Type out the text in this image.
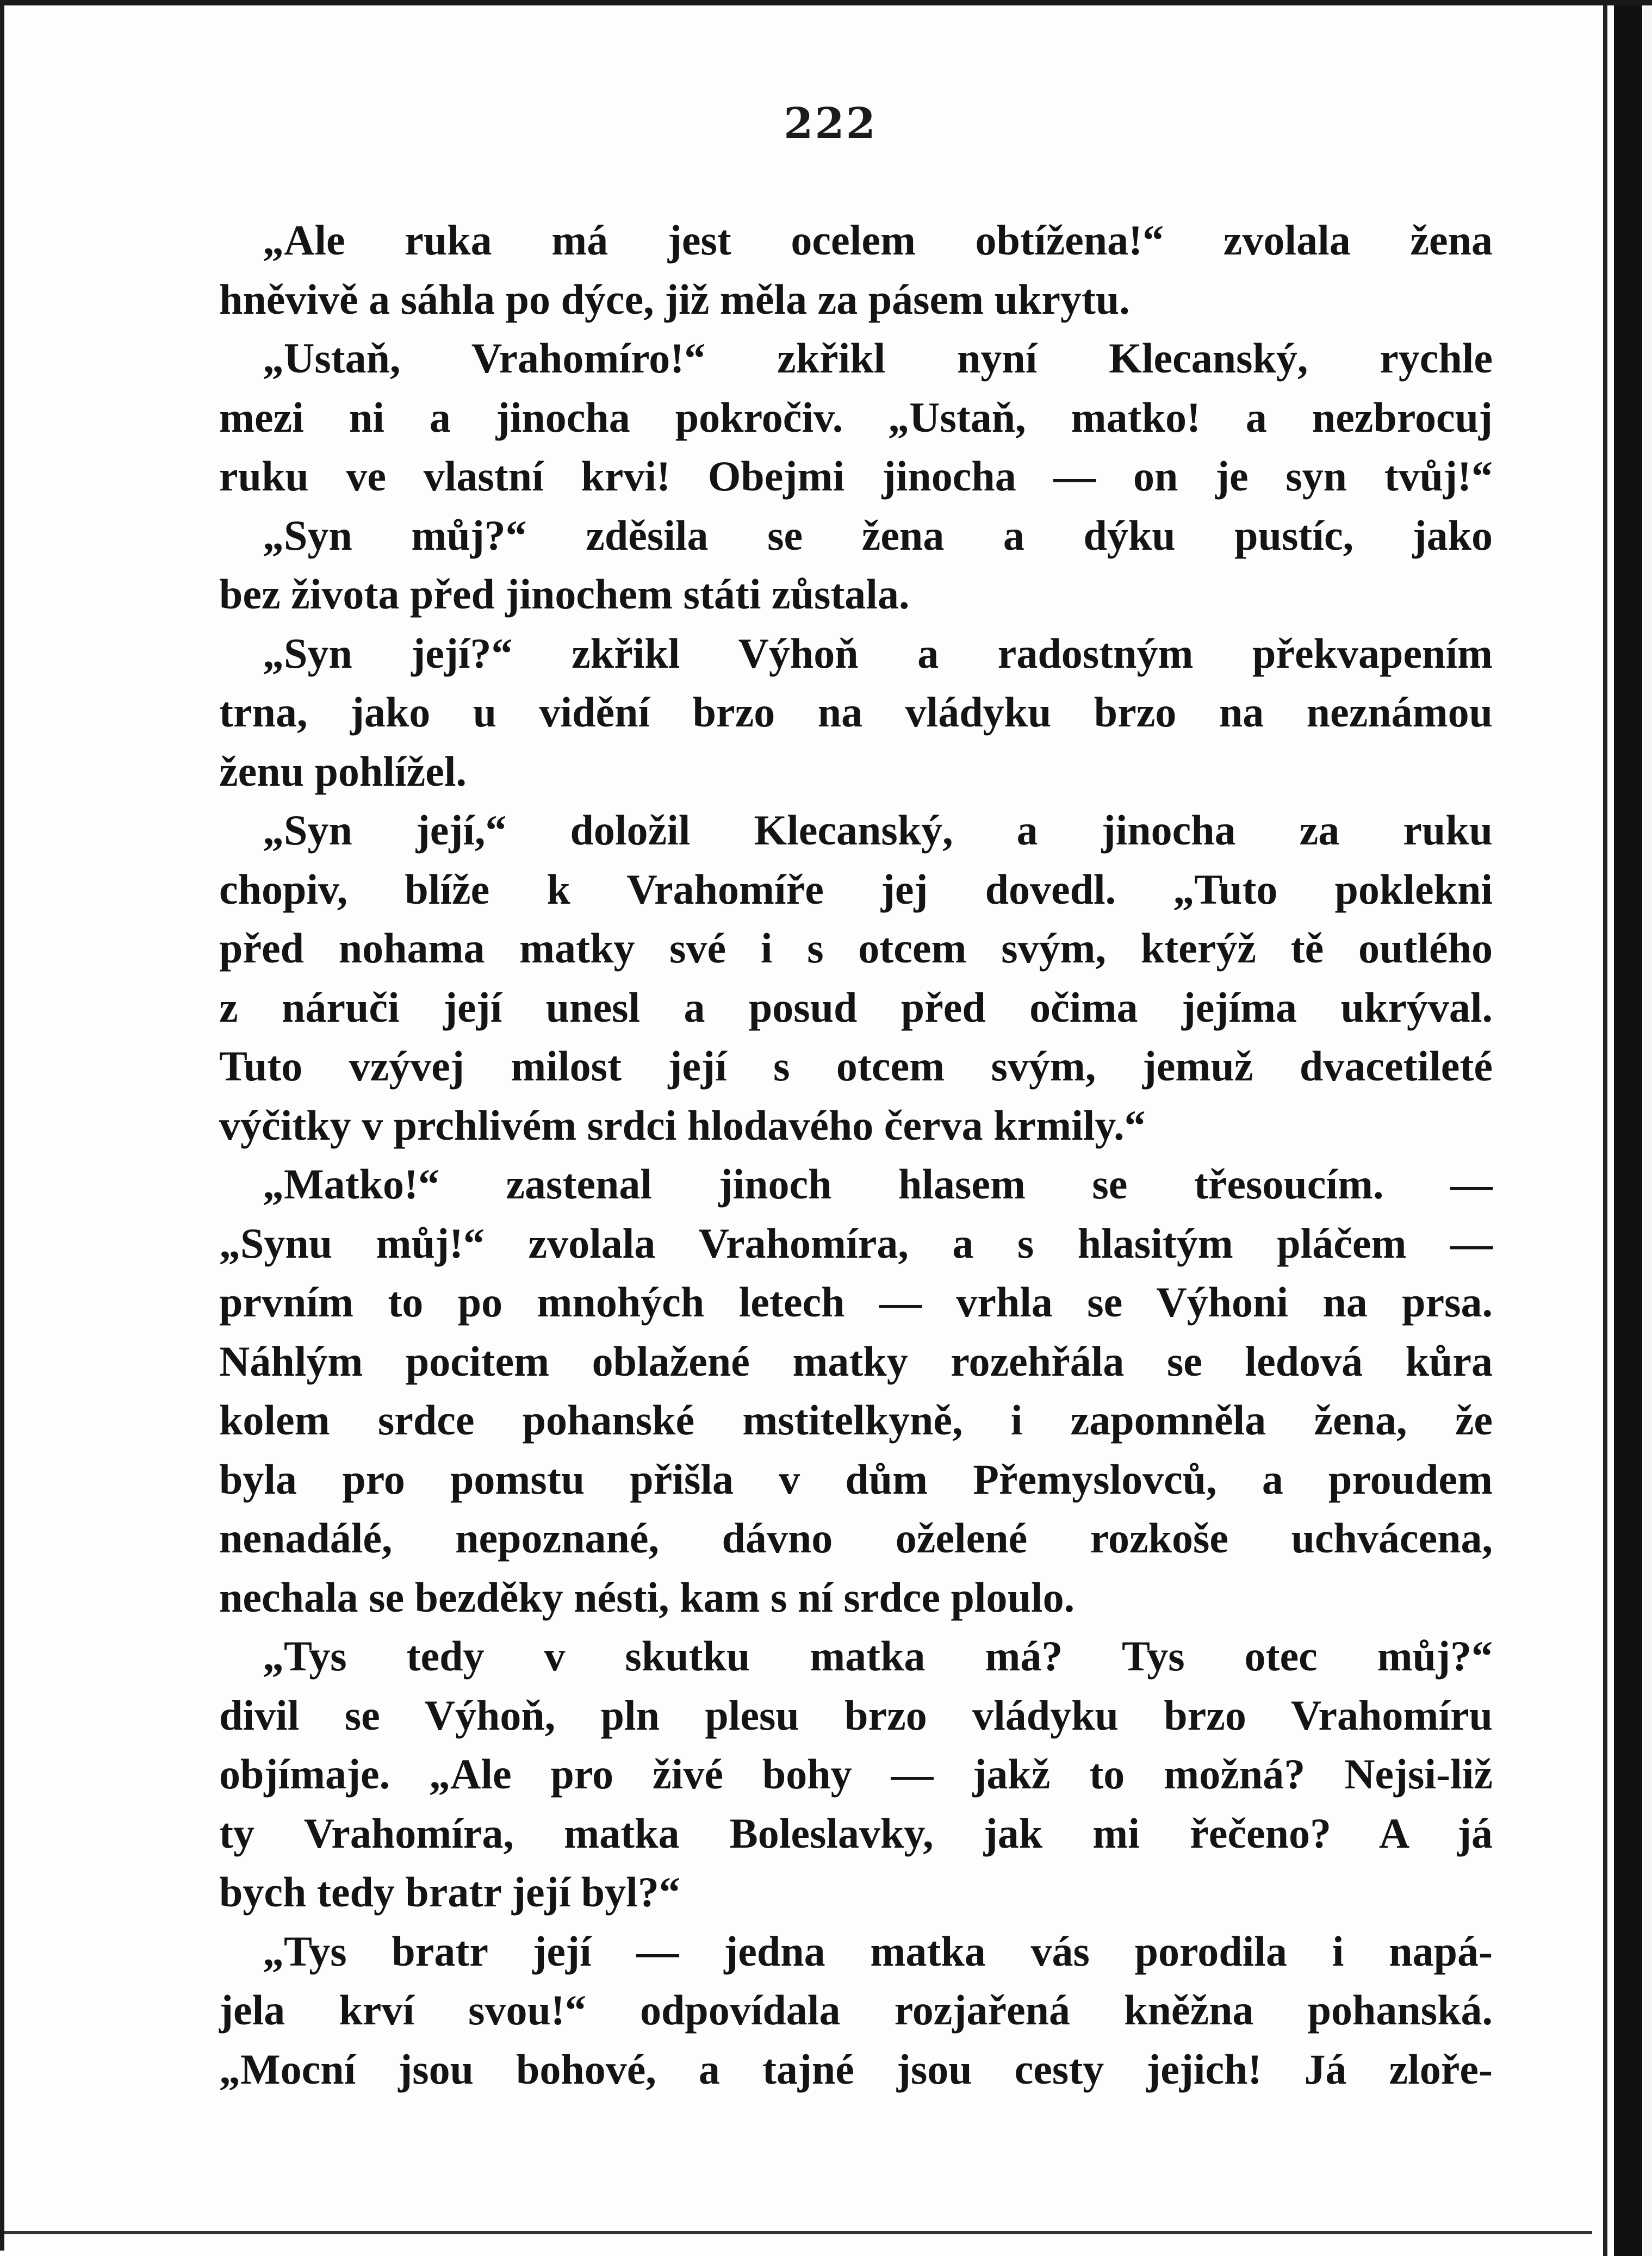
222
„Ale ruka má jest ocelem obtížena!“ zvolala žena
hněvivě a sáhla po dýce, již měla za pásem ukrytu.
„Ustaň, Vrahomíro!“ zkřikl nyní Klecanský, rychle
mezi ni a jinocha pokročiv. „Ustaň, matko! a nezbrocuj
ruku ve vlastní krvi! Obejmi jinocha — on je syn tvůj!“
„Syn můj?“ zděsila se žena a dýku pustíc, jako
bez života před jinochem státi zůstala.
„Syn její?“ zkřikl Výhoň a radostným překvapením
trna, jako u vidění brzo na vládyku brzo na neznámou
ženu pohlížel.
„Syn její,“ doložil Klecanský, a jinocha za ruku
chopiv, blíže k Vrahomíře jej dovedl. „Tuto poklekni
před nohama matky své i s otcem svým, kterýž tě outlého
z náruči její unesl a posud před očima jejíma ukrýval.
Tuto vzývej milost její s otcem svým, jemuž dvacetileté
výčitky v prchlivém srdci hlodavého červa krmily.“
„Matko!“ zastenal jinoch hlasem se třesoucím. —
„Synu můj!“ zvolala Vrahomíra, a s hlasitým pláčem —
prvním to po mnohých letech — vrhla se Výhoni na prsa.
Náhlým pocitem oblažené matky rozehřála se ledová kůra
kolem srdce pohanské mstitelkyně, i zapomněla žena, že
byla pro pomstu přišla v dům Přemyslovců, a proudem
nenadálé, nepoznané, dávno oželené rozkoše uchvácena,
nechala se bezděky nésti, kam s ní srdce ploulo.
„Tys tedy v skutku matka má? Tys otec můj?“
divil se Výhoň, pln plesu brzo vládyku brzo Vrahomíru
objímaje. „Ale pro živé bohy — jakž to možná? Nejsi-liž
ty Vrahomíra, matka Boleslavky, jak mi řečeno? A já
bych tedy bratr její byl?“
„Tys bratr její — jedna matka vás porodila i napá-
jela krví svou!“ odpovídala rozjařená kněžna pohanská.
„Mocní jsou bohové, a tajné jsou cesty jejich! Já zloře-
